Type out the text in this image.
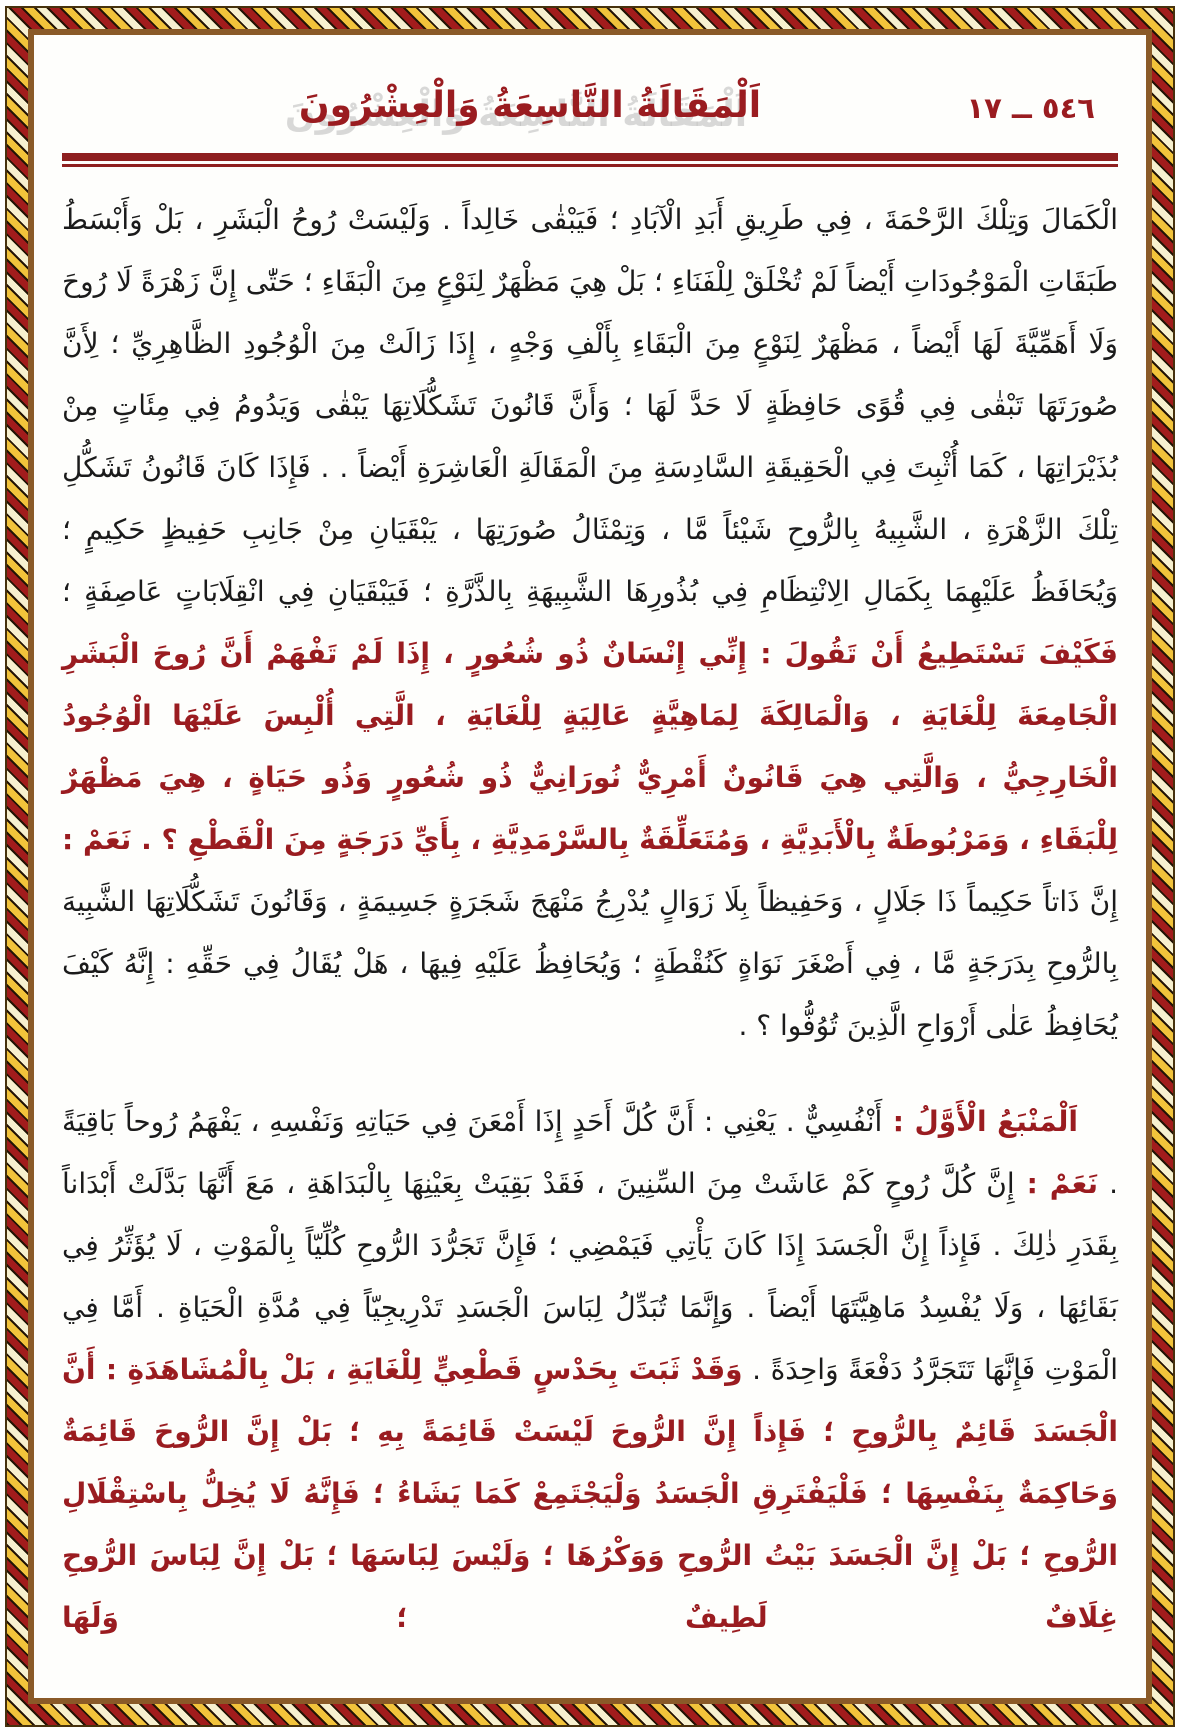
٥٤٦ ــ ١٧
اَلْمَقَالَةُ التَّاسِعَةُ وَالْعِشْرُونَ

الْكَمَالَ وَتِلْكَ الرَّحْمَةَ ، فِي طَرِيقِ أَبَدِ الْآبَادِ ؛ فَيَبْقٰى خَالِداً . وَلَيْسَتْ رُوحُ الْبَشَرِ ، بَلْ وَأَبْسَطُ طَبَقَاتِ الْمَوْجُودَاتِ أَيْضاً لَمْ تُخْلَقْ لِلْفَنَاءِ ؛ بَلْ هِيَ مَظْهَرٌ لِنَوْعٍ مِنَ الْبَقَاءِ ؛ حَتّٰى إِنَّ زَهْرَةً لَا رُوحَ وَلَا أَهَمِّيَّةَ لَهَا أَيْضاً ، مَظْهَرٌ لِنَوْعٍ مِنَ الْبَقَاءِ بِأَلْفِ وَجْهٍ ، إِذَا زَالَتْ مِنَ الْوُجُودِ الظَّاهِرِيِّ ؛ لِأَنَّ صُورَتَهَا تَبْقٰى فِي قُوًى حَافِظَةٍ لَا حَدَّ لَهَا ؛ وَأَنَّ قَانُونَ تَشَكُّلَاتِهَا يَبْقٰى وَيَدُومُ فِي مِئَاتٍ مِنْ بُذَيْرَاتِهَا ، كَمَا أُثْبِتَ فِي الْحَقِيقَةِ السَّادِسَةِ مِنَ الْمَقَالَةِ الْعَاشِرَةِ أَيْضاً . . فَإِذَا كَانَ قَانُونُ تَشَكُّلِ تِلْكَ الزَّهْرَةِ ، الشَّبِيهُ بِالرُّوحِ شَيْئاً مَّا ، وَتِمْثَالُ صُورَتِهَا ، يَبْقَيَانِ مِنْ جَانِبِ حَفِيظٍ حَكِيمٍ ؛ وَيُحَافَظُ عَلَيْهِمَا بِكَمَالِ الِانْتِظَامِ فِي بُذُورِهَا الشَّبِيهَةِ بِالذَّرَّةِ ؛ فَيَبْقَيَانِ فِي انْقِلَابَاتٍ عَاصِفَةٍ ؛ فَكَيْفَ تَسْتَطِيعُ أَنْ تَقُولَ : إِنِّي إِنْسَانٌ ذُو شُعُورٍ ، إِذَا لَمْ تَفْهَمْ أَنَّ رُوحَ الْبَشَرِ الْجَامِعَةَ لِلْغَايَةِ ، وَالْمَالِكَةَ لِمَاهِيَّةٍ عَالِيَةٍ لِلْغَايَةِ ، الَّتِي أُلْبِسَ عَلَيْهَا الْوُجُودُ الْخَارِجِيُّ ، وَالَّتِي هِيَ قَانُونٌ أَمْرِيٌّ نُورَانِيٌّ ذُو شُعُورٍ وَذُو حَيَاةٍ ، هِيَ مَظْهَرٌ لِلْبَقَاءِ ، وَمَرْبُوطَةٌ بِالْأَبَدِيَّةِ ، وَمُتَعَلِّقَةٌ بِالسَّرْمَدِيَّةِ ، بِأَيِّ دَرَجَةٍ مِنَ الْقَطْعِ ؟ . نَعَمْ : إِنَّ ذَاتاً حَكِيماً ذَا جَلَالٍ ، وَحَفِيظاً بِلَا زَوَالٍ يُدْرِجُ مَنْهَجَ شَجَرَةٍ جَسِيمَةٍ ، وَقَانُونَ تَشَكُّلَاتِهَا الشَّبِيهَ بِالرُّوحِ بِدَرَجَةٍ مَّا ، فِي أَصْغَرَ نَوَاةٍ كَنُقْطَةٍ ؛ وَيُحَافِظُ عَلَيْهِ فِيهَا ، هَلْ يُقَالُ فِي حَقِّهِ : إِنَّهُ كَيْفَ يُحَافِظُ عَلٰى أَرْوَاحِ الَّذِينَ تُوُفُّوا ؟ .

اَلْمَنْبَعُ الْأَوَّلُ : أَنْفُسِيٌّ . يَعْنِي : أَنَّ كُلَّ أَحَدٍ إِذَا أَمْعَنَ فِي حَيَاتِهِ وَنَفْسِهِ ، يَفْهَمُ رُوحاً بَاقِيَةً . نَعَمْ : إِنَّ كُلَّ رُوحٍ كَمْ عَاشَتْ مِنَ السِّنِينَ ، فَقَدْ بَقِيَتْ بِعَيْنِهَا بِالْبَدَاهَةِ ، مَعَ أَنَّهَا بَدَّلَتْ أَبْدَاناً بِقَدَرِ ذٰلِكَ . فَإِذاً إِنَّ الْجَسَدَ إِذَا كَانَ يَأْتِي فَيَمْضِي ؛ فَإِنَّ تَجَرُّدَ الرُّوحِ كُلِّيّاً بِالْمَوْتِ ، لَا يُؤَثِّرُ فِي بَقَائِهَا ، وَلَا يُفْسِدُ مَاهِيَّتَهَا أَيْضاً . وَإِنَّمَا تُبَدِّلُ لِبَاسَ الْجَسَدِ تَدْرِيجِيّاً فِي مُدَّةِ الْحَيَاةِ . أَمَّا فِي الْمَوْتِ فَإِنَّهَا تَتَجَرَّدُ دَفْعَةً وَاحِدَةً . وَقَدْ ثَبَتَ بِحَدْسٍ قَطْعِيٍّ لِلْغَايَةِ ، بَلْ بِالْمُشَاهَدَةِ : أَنَّ الْجَسَدَ قَائِمٌ بِالرُّوحِ ؛ فَإِذاً إِنَّ الرُّوحَ لَيْسَتْ قَائِمَةً بِهِ ؛ بَلْ إِنَّ الرُّوحَ قَائِمَةٌ وَحَاكِمَةٌ بِنَفْسِهَا ؛ فَلْيَفْتَرِقِ الْجَسَدُ وَلْيَجْتَمِعْ كَمَا يَشَاءُ ؛ فَإِنَّهُ لَا يُخِلُّ بِاسْتِقْلَالِ الرُّوحِ ؛ بَلْ إِنَّ الْجَسَدَ بَيْتُ الرُّوحِ وَوَكْرُهَا ؛ وَلَيْسَ لِبَاسَهَا ؛ بَلْ إِنَّ لِبَاسَ الرُّوحِ غِلَافٌ لَطِيفٌ ؛ وَلَهَا
